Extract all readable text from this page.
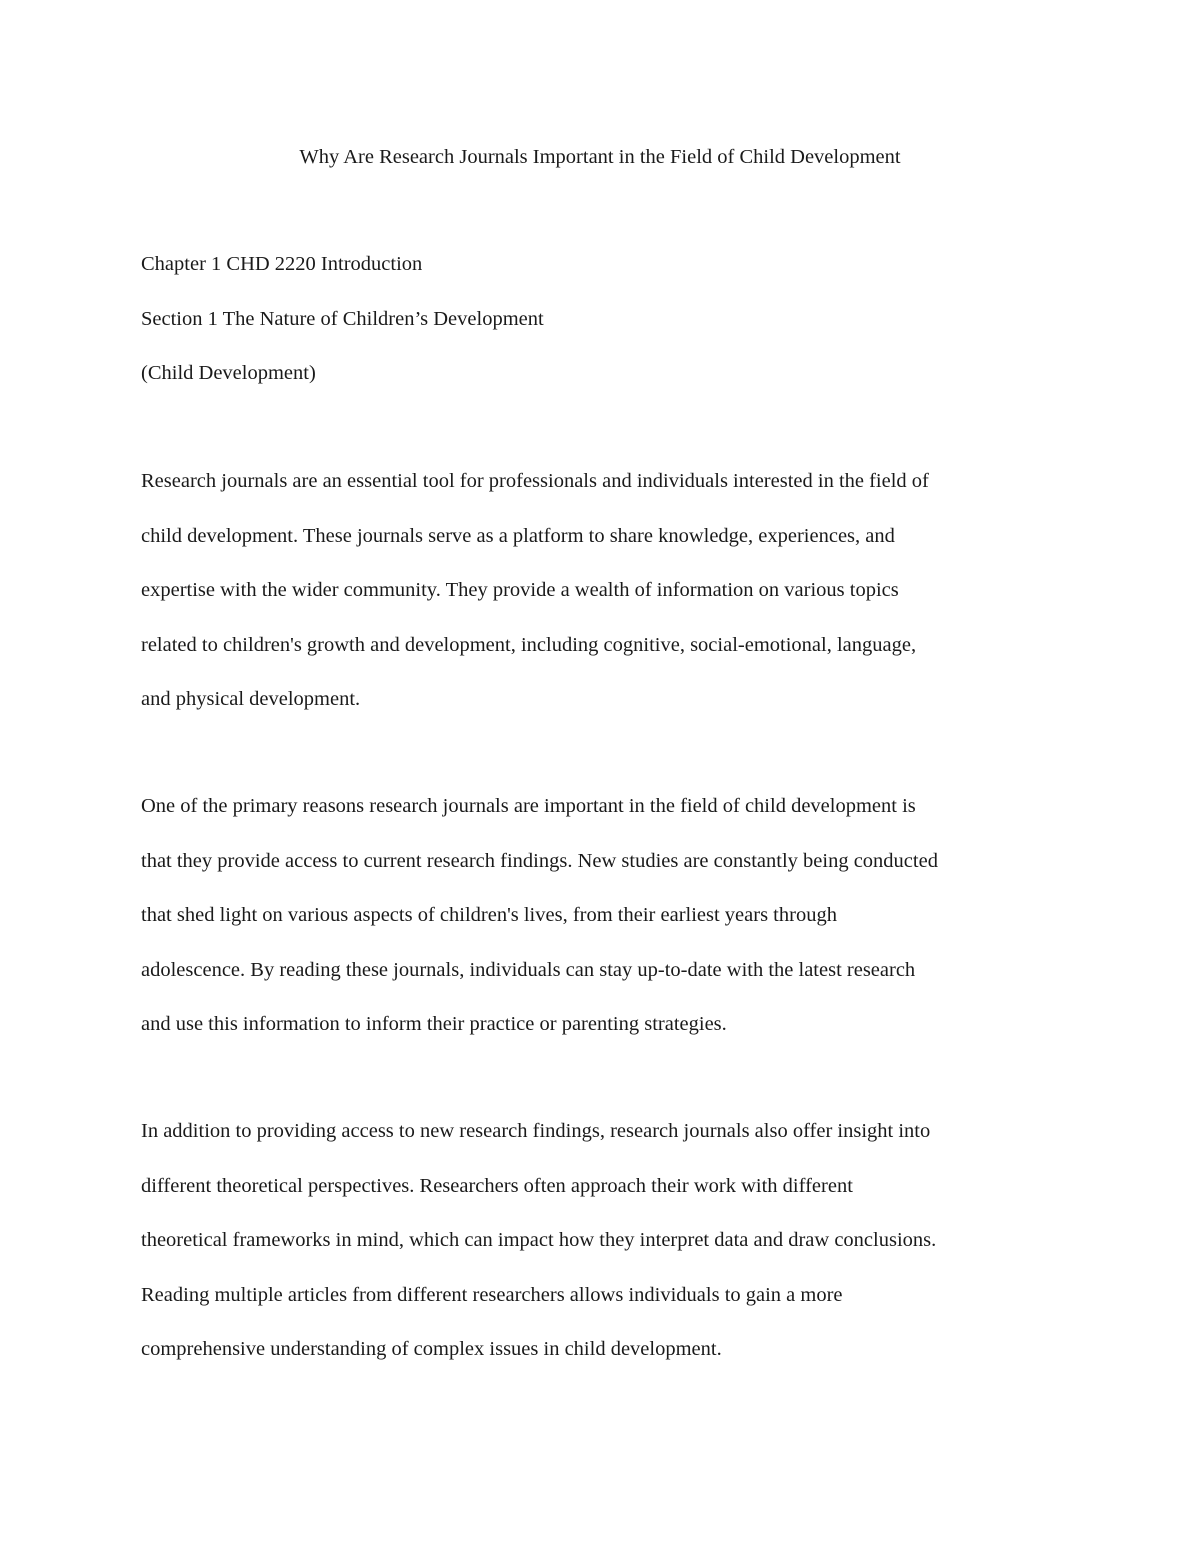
Why Are Research Journals Important in the Field of Child Development

Chapter 1 CHD 2220 Introduction

Section 1 The Nature of Children’s Development

(Child Development)

Research journals are an essential tool for professionals and individuals interested in the field of
child development. These journals serve as a platform to share knowledge, experiences, and
expertise with the wider community. They provide a wealth of information on various topics
related to children's growth and development, including cognitive, social-emotional, language,
and physical development.
One of the primary reasons research journals are important in the field of child development is
that they provide access to current research findings. New studies are constantly being conducted
that shed light on various aspects of children's lives, from their earliest years through
adolescence. By reading these journals, individuals can stay up-to-date with the latest research
and use this information to inform their practice or parenting strategies.
In addition to providing access to new research findings, research journals also offer insight into
different theoretical perspectives. Researchers often approach their work with different
theoretical frameworks in mind, which can impact how they interpret data and draw conclusions.
Reading multiple articles from different researchers allows individuals to gain a more
comprehensive understanding of complex issues in child development.
